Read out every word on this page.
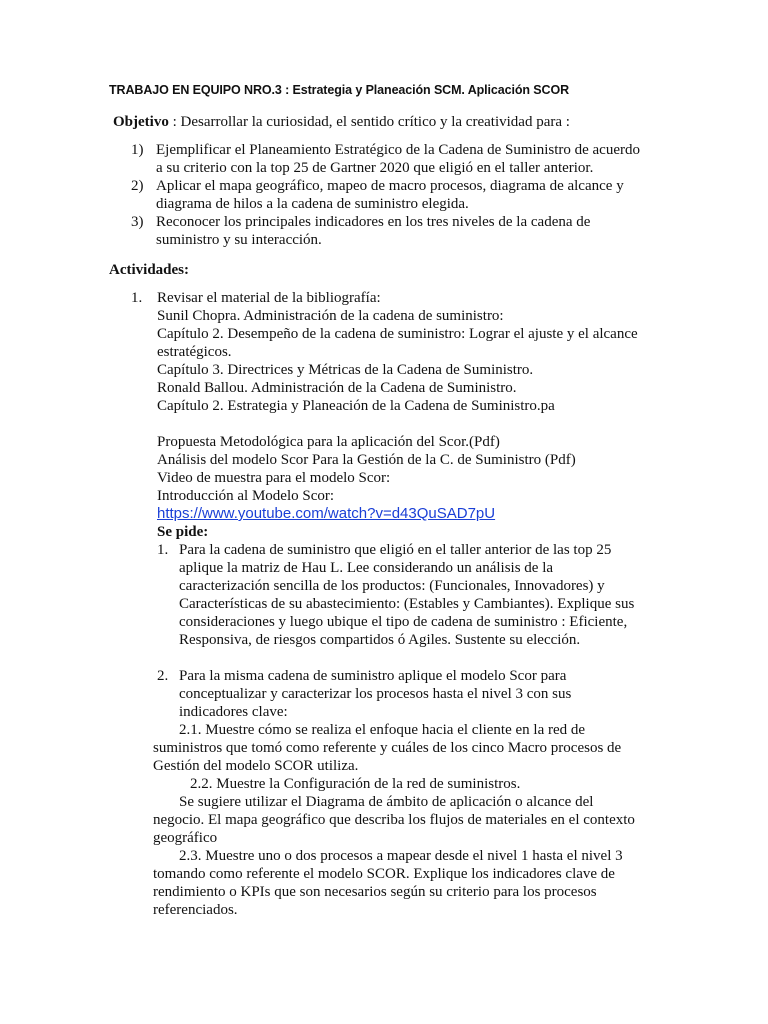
TRABAJO EN EQUIPO NRO.3 : Estrategia y Planeación SCM. Aplicación SCOR
Objetivo : Desarrollar la curiosidad, el sentido crítico y la creatividad para :
1) Ejemplificar el Planeamiento Estratégico de la Cadena de Suministro de acuerdo
a su criterio con la top 25 de Gartner 2020 que eligió en el taller anterior.
2) Aplicar el mapa geográfico, mapeo de macro procesos, diagrama de alcance y
diagrama de hilos a la cadena de suministro elegida.
3) Reconocer los principales indicadores en los tres niveles de la cadena de
suministro y su interacción.
Actividades:
1. Revisar el material de la bibliografía:
Sunil Chopra. Administración de la cadena de suministro:
Capítulo 2. Desempeño de la cadena de suministro: Lograr el ajuste y el alcance
estratégicos.
Capítulo 3. Directrices y Métricas de la Cadena de Suministro.
Ronald Ballou. Administración de la Cadena de Suministro.
Capítulo 2. Estrategia y Planeación de la Cadena de Suministro.pa
Propuesta Metodológica para la aplicación del Scor.(Pdf)
Análisis del modelo Scor Para la Gestión de la C. de Suministro (Pdf)
Video de muestra para el modelo Scor:
Introducción al Modelo Scor:
https://www.youtube.com/watch?v=d43QuSAD7pU
Se pide:
1. Para la cadena de suministro que eligió en el taller anterior de las top 25
aplique la matriz de Hau L. Lee considerando un análisis de la
caracterización sencilla de los productos: (Funcionales, Innovadores) y
Características de su abastecimiento: (Estables y Cambiantes). Explique sus
consideraciones y luego ubique el tipo de cadena de suministro : Eficiente,
Responsiva, de riesgos compartidos ó Agiles. Sustente su elección.
2. Para la misma cadena de suministro aplique el modelo Scor para
conceptualizar y caracterizar los procesos hasta el nivel 3 con sus
indicadores clave:
2.1. Muestre cómo se realiza el enfoque hacia el cliente en la red de
suministros que tomó como referente y cuáles de los cinco Macro procesos de
Gestión del modelo SCOR utiliza.
2.2. Muestre la Configuración de la red de suministros.
Se sugiere utilizar el Diagrama de ámbito de aplicación o alcance del
negocio. El mapa geográfico que describa los flujos de materiales en el contexto
geográfico
2.3. Muestre uno o dos procesos a mapear desde el nivel 1 hasta el nivel 3
tomando como referente el modelo SCOR. Explique los indicadores clave de
rendimiento o KPIs que son necesarios según su criterio para los procesos
referenciados.
